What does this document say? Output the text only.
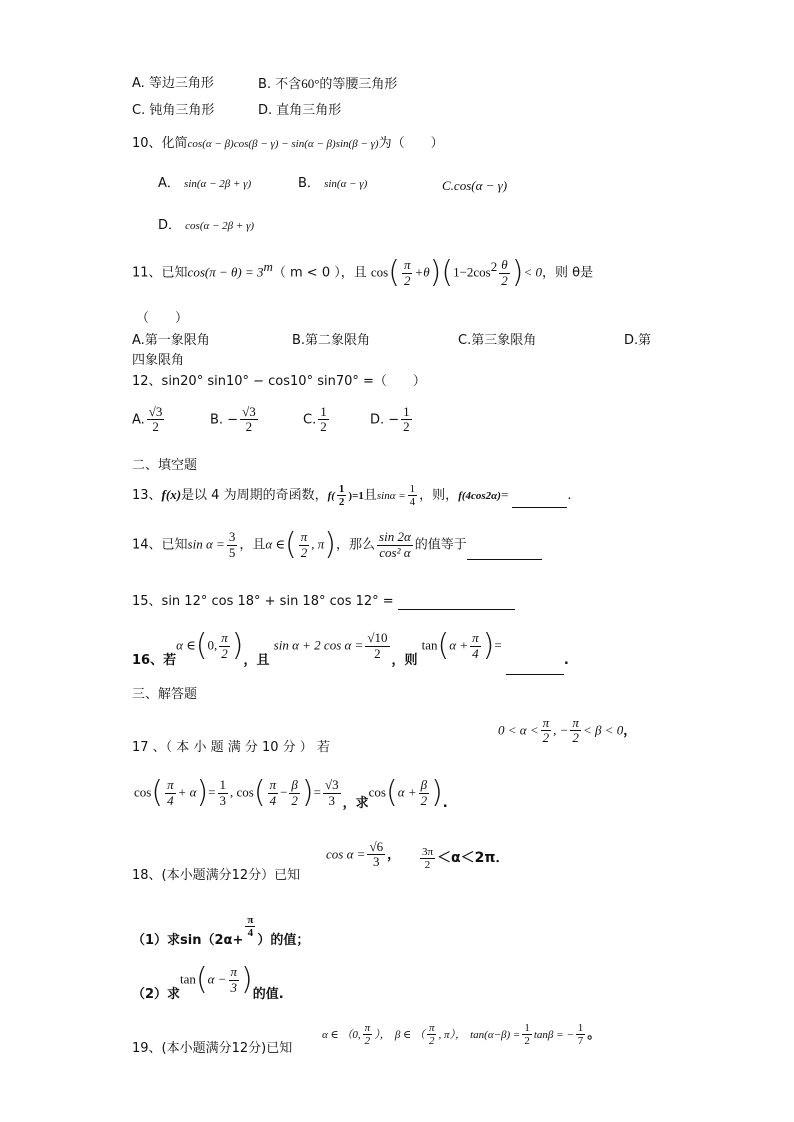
A. 等边三角形	B. 不含60°的等腰三角形
C. 钝角三角形	D. 直角三角形
10、化简cos(α − β)cos(β − γ) − sin(α − β)sin(β − γ)为（　　）
A． sin(α − 2β + γ)	B． sin(α − γ)	C.cos(α − γ)
D． cos(α − 2β + γ)
11、已知$\cos(\pi - \theta) = 3^m$（ m < 0 ），且 $\cos( \frac{\pi}{2} +\theta)(1-2\cos^2 \frac{\theta}{2}$ )< 0，则 θ是
（　　）
A.第一象限角	B.第二象限角	C.第三象限角	D.第
四象限角
12、sin20° sin10° − cos10° sin70° =（　　）
A. $\frac{√3}{2}$	B. − $\frac{√3}{2}$	C. $\frac{1}{2}$	D. − $\frac{1}{2}$
二、填空题
13、f(x)是以 4 为周期的奇函数，$f( \frac{1}{2} )=1$且$\sin\alpha = \frac{1}{4}$ ，则，f(4cos2α)=	.
14、已知$\sin \alpha = \frac{3}{5}$ ，且α ∈( $\frac{\pi}{2}$ , π)，那么 $\frac{\sin 2\alpha}{\text{cos² α}}$ 的值等于
15、sin 12° cos 18° + sin 18° cos 12° =
16、若α ∈(0, $\frac{\pi}{2}$ )，且 sin α + 2 $\cos \alpha = \frac{√10}{2}$ ，则 $\tan(\alpha + \frac{\pi}{4}$ )= .
三、解答题
17 、（ 本 小 题 满 分 10 分 ） 若
$0 < \alpha < \frac{\pi}{2}$ , − $\frac{\pi}{2} < \beta < 0$，
$\cos( \frac{\pi}{4} + \alpha)= \frac{1}{3}$ , $\cos( \frac{\pi}{4} - \frac{\beta}{2}$ )= $\frac{√3}{3}$ ，求$\cos(\alpha + \frac{\beta}{2}$ ).
18、(本小题满分12分）已知
$\cos \alpha = \frac{√6}{3}$ ， $\frac{3\pi}{2} <\alpha<2\pi$．
（1）求sin（2α+
$\frac{\pi}{4}$
）的值；
（2）求$\tan(\alpha - \frac{\pi}{3}$ )的值.
19、(本小题满分12分)已知
α ∈ （0, $\frac{\pi}{2}$ ）， β ∈ （ $\frac{\pi}{2}$ , π）， $\tan(\alpha-\beta) = \frac{1}{2}$ tanβ = − $\frac{1}{7}$ 。
